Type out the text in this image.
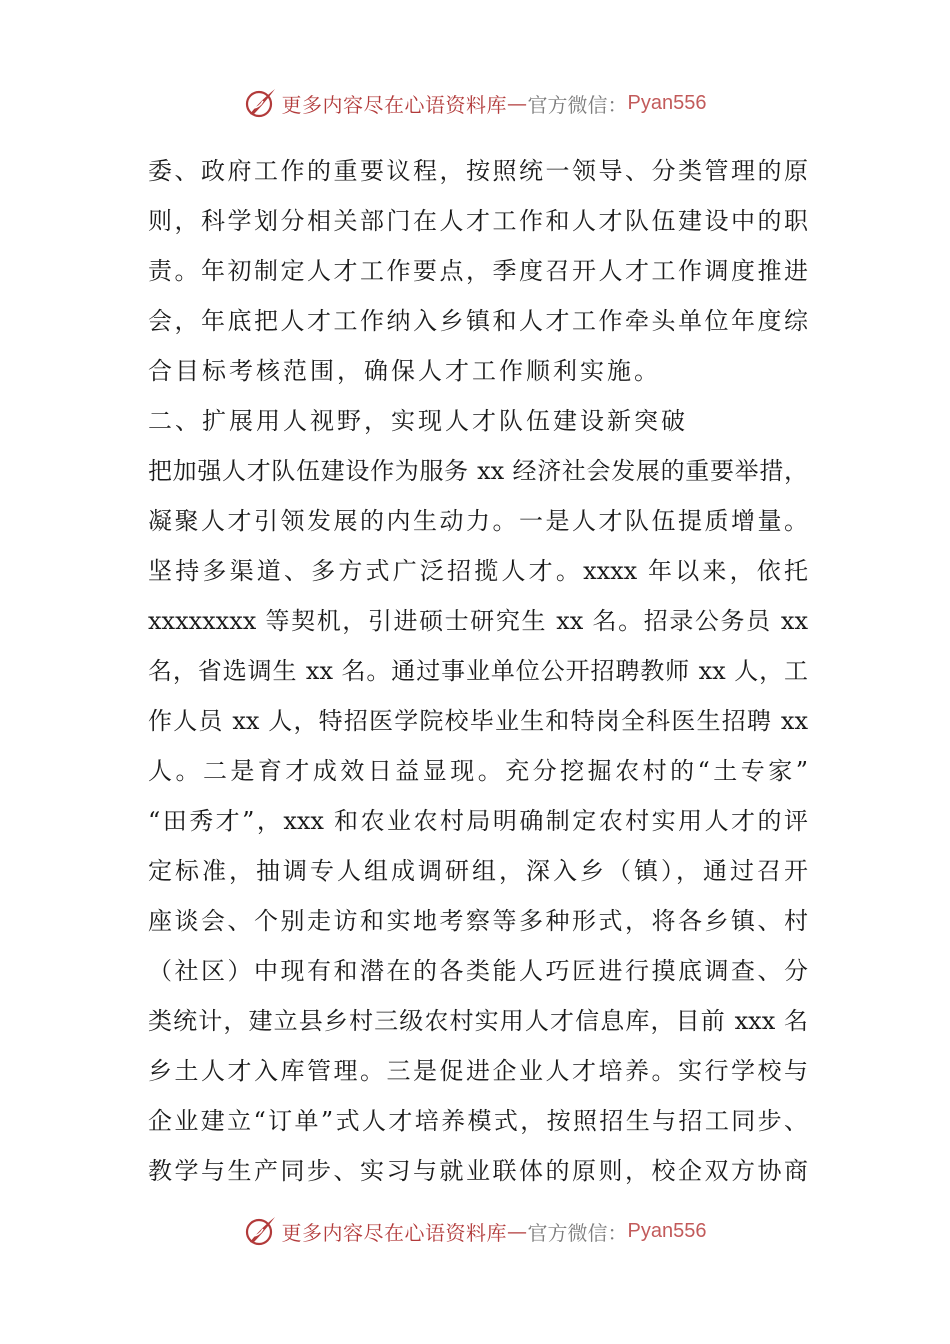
更多内容尽在心语资料库 — 官方微信： Pyan556
委、政府工作的重要议程，按照统一领导、分类管理的原
则，科学划分相关部门在人才工作和人才队伍建设中的职
责。年初制定人才工作要点，季度召开人才工作调度推进
会，年底把人才工作纳入乡镇和人才工作牵头单位年度综
合目标考核范围，确保人才工作顺利实施。
二、扩展用人视野，实现人才队伍建设新突破
把加强人才队伍建设作为服务 xx 经济社会发展的重要举措，
凝聚人才引领发展的内生动力。一是人才队伍提质增量。
坚持多渠道、多方式广泛招揽人才。xxxx 年以来，依托
xxxxxxxx 等契机，引进硕士研究生 xx 名。招录公务员 xx
名，省选调生 xx 名。通过事业单位公开招聘教师 xx 人，工
作人员 xx 人，特招医学院校毕业生和特岗全科医生招聘 xx
人。二是育才成效日益显现。充分挖掘农村的“土专家”
“田秀才”，xxx 和农业农村局明确制定农村实用人才的评
定标准，抽调专人组成调研组，深入乡（镇），通过召开
座谈会、个别走访和实地考察等多种形式，将各乡镇、村
（社区）中现有和潜在的各类能人巧匠进行摸底调查、分
类统计，建立县乡村三级农村实用人才信息库，目前 xxx 名
乡土人才入库管理。三是促进企业人才培养。实行学校与
企业建立“订单”式人才培养模式，按照招生与招工同步、
教学与生产同步、实习与就业联体的原则，校企双方协商
更多内容尽在心语资料库 — 官方微信： Pyan556
